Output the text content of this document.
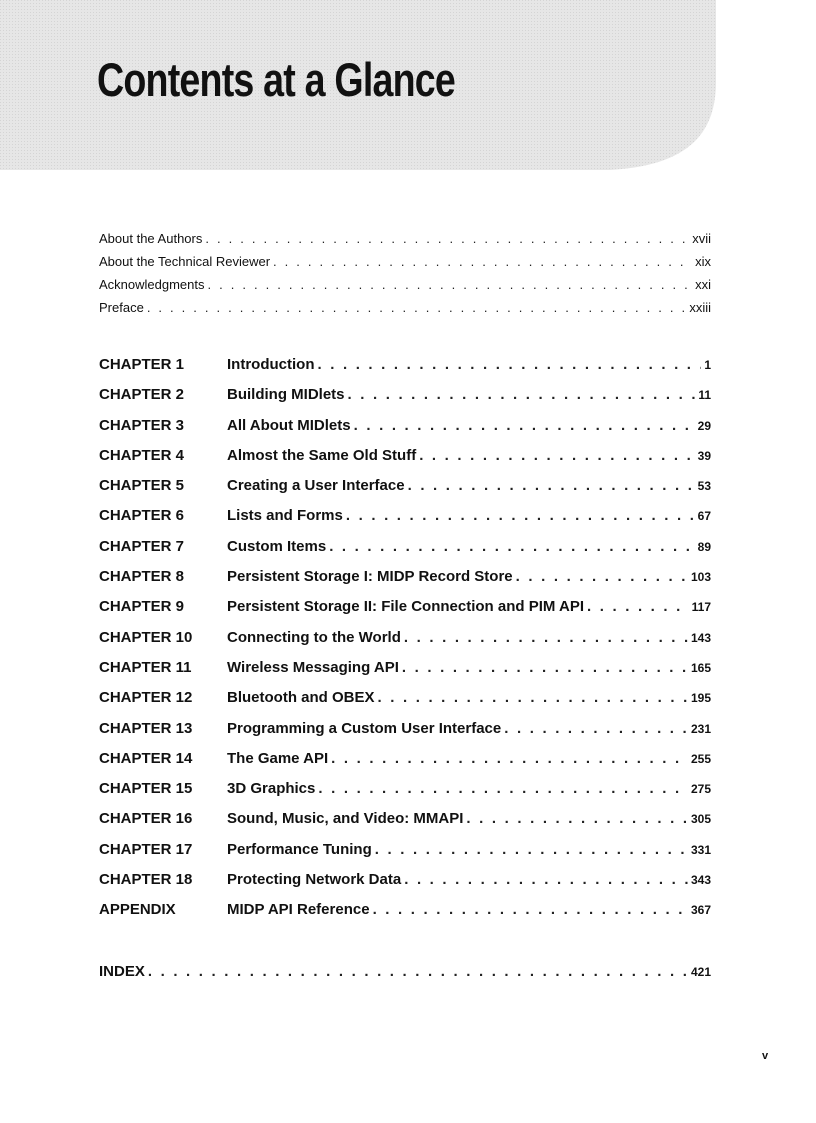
Contents at a Glance
About the Authors . . .	xvii
About the Technical Reviewer . . .	xix
Acknowledgments . . .	xxi
Preface . . .	xxiii
CHAPTER 1	Introduction . . .	1
CHAPTER 2	Building MIDlets . . .	11
CHAPTER 3	All About MIDlets . . .	29
CHAPTER 4	Almost the Same Old Stuff . . .	39
CHAPTER 5	Creating a User Interface . . .	53
CHAPTER 6	Lists and Forms . . .	67
CHAPTER 7	Custom Items . . .	89
CHAPTER 8	Persistent Storage I: MIDP Record Store . . .	103
CHAPTER 9	Persistent Storage II: File Connection and PIM API . . .	117
CHAPTER 10	Connecting to the World . . .	143
CHAPTER 11	Wireless Messaging API . . .	165
CHAPTER 12	Bluetooth and OBEX . . .	195
CHAPTER 13	Programming a Custom User Interface . . .	231
CHAPTER 14	The Game API . . .	255
CHAPTER 15	3D Graphics . . .	275
CHAPTER 16	Sound, Music, and Video: MMAPI . . .	305
CHAPTER 17	Performance Tuning . . .	331
CHAPTER 18	Protecting Network Data . . .	343
APPENDIX	MIDP API Reference . . .	367
INDEX . . .	421
v
